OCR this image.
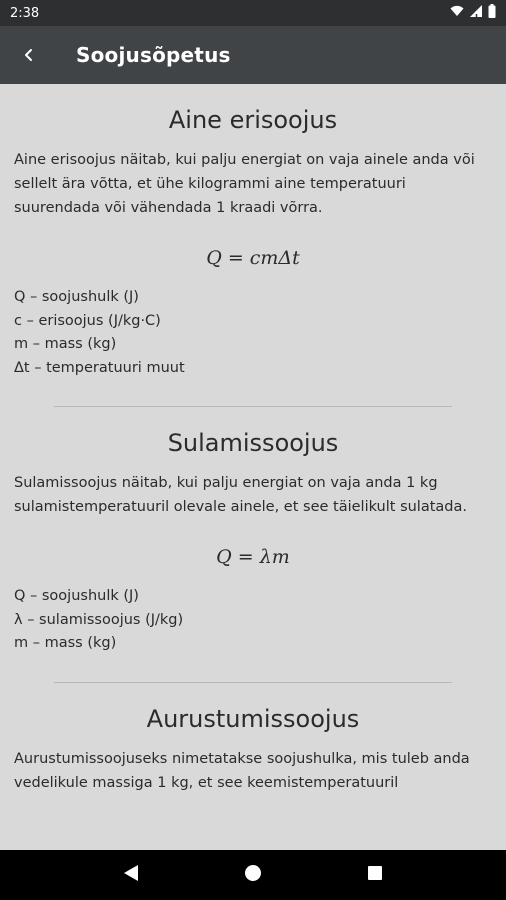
2:38
Soojusõpetus
Aine erisoojus

Aine erisoojus näitab, kui palju energiat on vaja ainele anda või sellelt ära võtta, et ühe kilogrammi aine temperatuuri suurendada või vähendada 1 kraadi võrra.

Q = cmΔt
Q – soojushulk (J)
c – erisoojus (J/kg·C)
m – mass (kg)
Δt – temperatuuri muut
Sulamissoojus

Sulamissoojus näitab, kui palju energiat on vaja anda 1 kg sulamistemperatuuril olevale ainele, et see täielikult sulatada.

Q = λm
Q – soojushulk (J)
λ – sulamissoojus (J/kg)
m – mass (kg)
Aurustumissoojus

Aurustumissoojuseks nimetatakse soojushulka, mis tuleb anda vedelikule massiga 1 kg, et see keemistemperatuuril
